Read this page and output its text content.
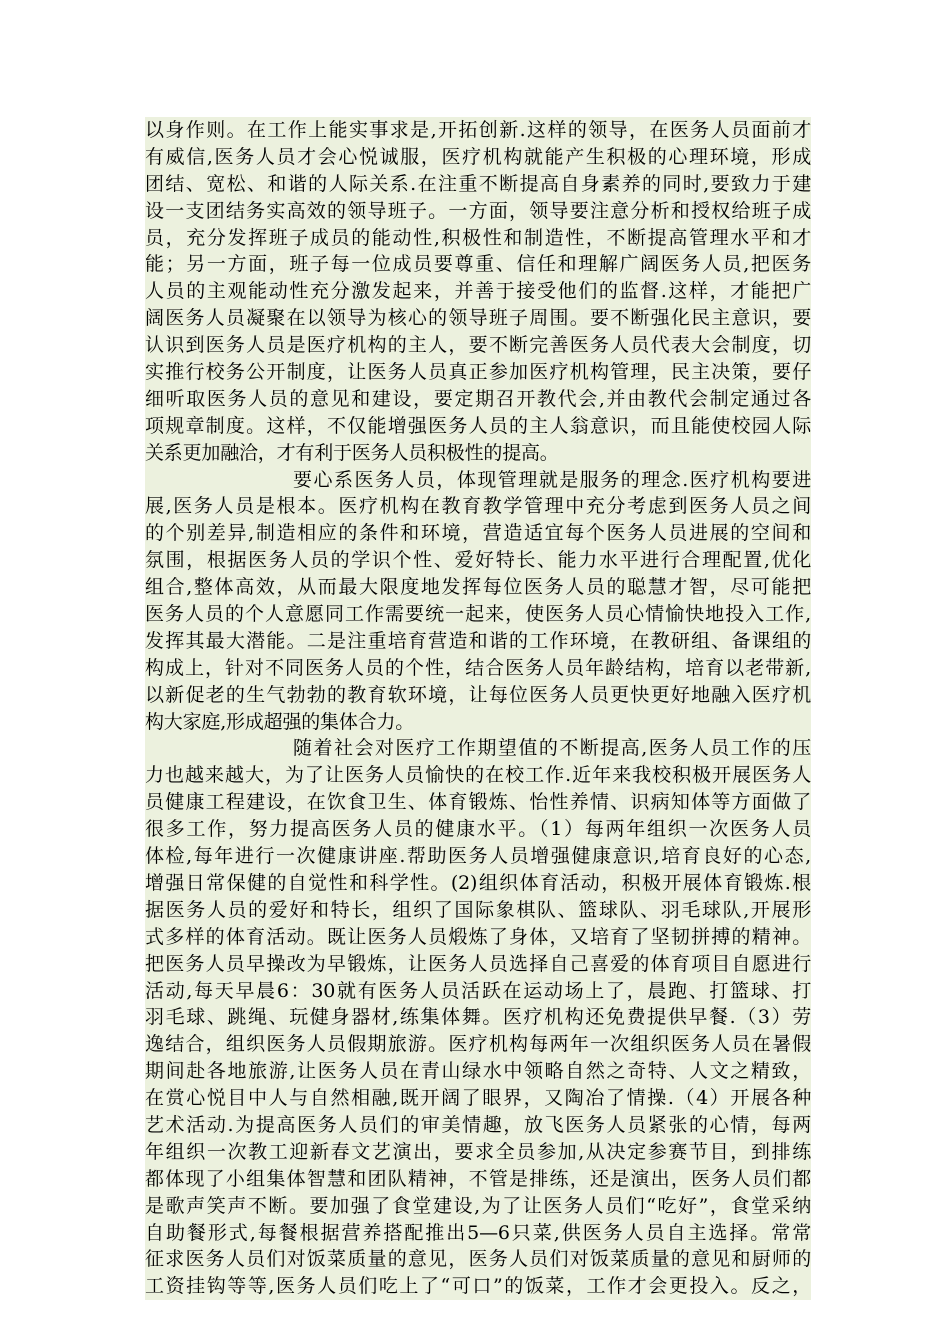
以身作则。在工作上能实事求是,开拓创新.这样的领导，在医务人员面前才
有威信,医务人员才会心悦诚服，医疗机构就能产生积极的心理环境，形成
团结、宽松、和谐的人际关系.在注重不断提高自身素养的同时,要致力于建
设一支团结务实高效的领导班子。一方面，领导要注意分析和授权给班子成
员，充分发挥班子成员的能动性,积极性和制造性，不断提高管理水平和才
能；另一方面，班子每一位成员要尊重、信任和理解广阔医务人员,把医务
人员的主观能动性充分激发起来，并善于接受他们的监督.这样，才能把广
阔医务人员凝聚在以领导为核心的领导班子周围。要不断强化民主意识，要
认识到医务人员是医疗机构的主人，要不断完善医务人员代表大会制度，切
实推行校务公开制度，让医务人员真正参加医疗机构管理，民主决策，要仔
细听取医务人员的意见和建设，要定期召开教代会,并由教代会制定通过各
项规章制度。这样，不仅能增强医务人员的主人翁意识，而且能使校园人际
关系更加融洽，才有利于医务人员积极性的提高。
要心系医务人员，体现管理就是服务的理念.医疗机构要进
展,医务人员是根本。医疗机构在教育教学管理中充分考虑到医务人员之间
的个别差异,制造相应的条件和环境，营造适宜每个医务人员进展的空间和
氛围，根据医务人员的学识个性、爱好特长、能力水平进行合理配置,优化
组合,整体高效，从而最大限度地发挥每位医务人员的聪慧才智，尽可能把
医务人员的个人意愿同工作需要统一起来，使医务人员心情愉快地投入工作,
发挥其最大潜能。二是注重培育营造和谐的工作环境，在教研组、备课组的
构成上，针对不同医务人员的个性，结合医务人员年龄结构，培育以老带新,
以新促老的生气勃勃的教育软环境，让每位医务人员更快更好地融入医疗机
构大家庭,形成超强的集体合力。
随着社会对医疗工作期望值的不断提高,医务人员工作的压
力也越来越大，为了让医务人员愉快的在校工作.近年来我校积极开展医务人
员健康工程建设，在饮食卫生、体育锻炼、怡性养情、识病知体等方面做了
很多工作，努力提高医务人员的健康水平。（1）每两年组织一次医务人员
体检,每年进行一次健康讲座.帮助医务人员增强健康意识,培育良好的心态,
增强日常保健的自觉性和科学性。(2)组织体育活动，积极开展体育锻炼.根
据医务人员的爱好和特长，组织了国际象棋队、篮球队、羽毛球队,开展形
式多样的体育活动。既让医务人员煅炼了身体，又培育了坚韧拼搏的精神。
把医务人员早操改为早锻炼，让医务人员选择自己喜爱的体育项目自愿进行
活动,每天早晨6：30就有医务人员活跃在运动场上了，晨跑、打篮球、打
羽毛球、跳绳、玩健身器材,练集体舞。医疗机构还免费提供早餐.（3）劳
逸结合，组织医务人员假期旅游。医疗机构每两年一次组织医务人员在暑假
期间赴各地旅游,让医务人员在青山绿水中领略自然之奇特、人文之精致，
在赏心悦目中人与自然相融,既开阔了眼界，又陶冶了情操.（4）开展各种
艺术活动.为提高医务人员们的审美情趣，放飞医务人员紧张的心情，每两
年组织一次教工迎新春文艺演出，要求全员参加,从决定参赛节目，到排练
都体现了小组集体智慧和团队精神，不管是排练，还是演出，医务人员们都
是歌声笑声不断。要加强了食堂建设,为了让医务人员们“吃好”，食堂采纳
自助餐形式,每餐根据营养搭配推出5—6只菜,供医务人员自主选择。常常
征求医务人员们对饭菜质量的意见，医务人员们对饭菜质量的意见和厨师的
工资挂钩等等,医务人员们吃上了“可口”的饭菜，工作才会更投入。反之，
